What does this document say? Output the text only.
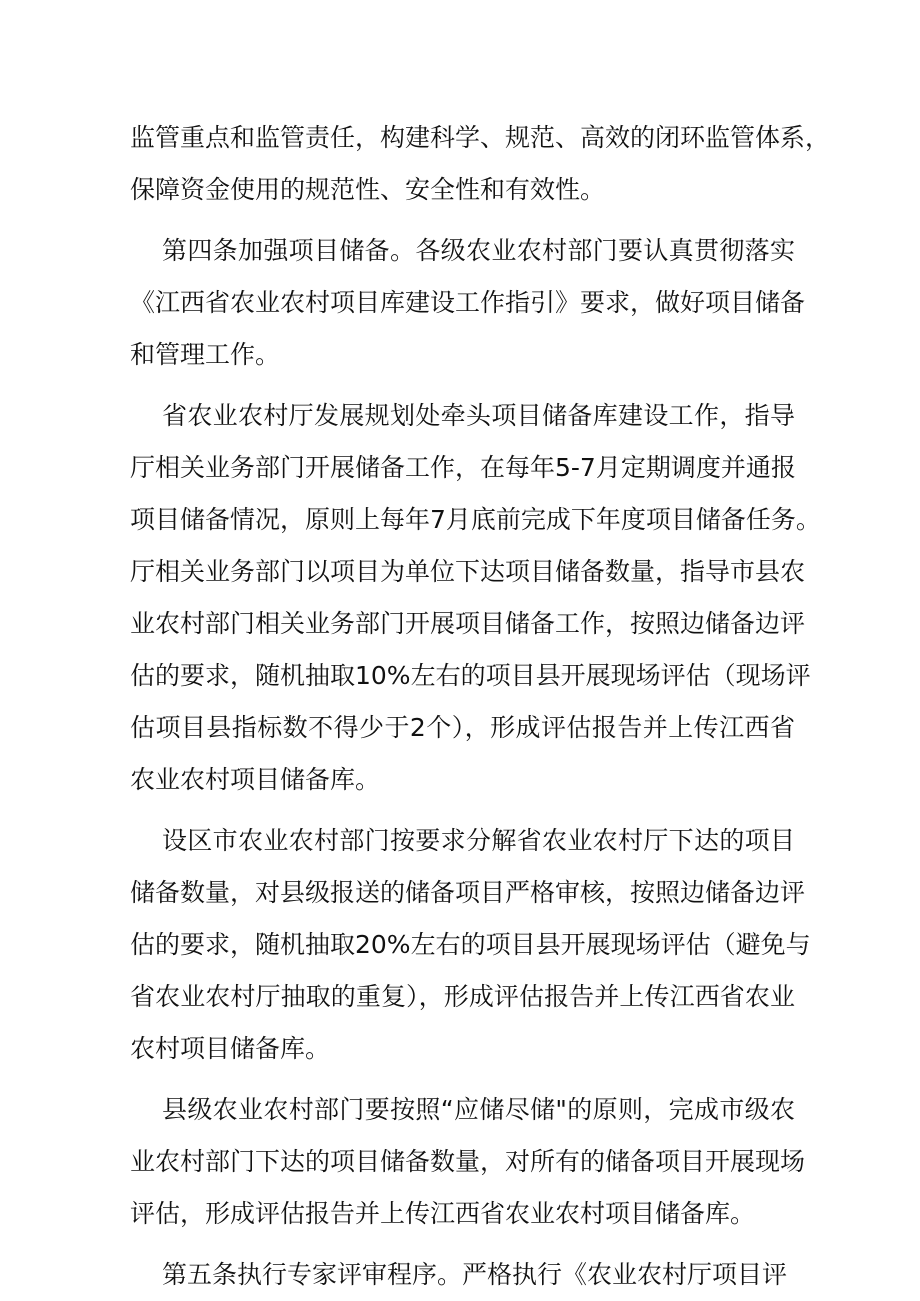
监管重点和监管责任，构建科学、规范、高效的闭环监管体系，
保障资金使用的规范性、安全性和有效性。
第四条加强项目储备。各级农业农村部门要认真贯彻落实
《江西省农业农村项目库建设工作指引》要求，做好项目储备
和管理工作。
省农业农村厅发展规划处牵头项目储备库建设工作，指导
厅相关业务部门开展储备工作，在每年5-7月定期调度并通报
项目储备情况，原则上每年7月底前完成下年度项目储备任务。
厅相关业务部门以项目为单位下达项目储备数量，指导市县农
业农村部门相关业务部门开展项目储备工作，按照边储备边评
估的要求，随机抽取10%左右的项目县开展现场评估（现场评
估项目县指标数不得少于2个），形成评估报告并上传江西省
农业农村项目储备库。
设区市农业农村部门按要求分解省农业农村厅下达的项目
储备数量，对县级报送的储备项目严格审核，按照边储备边评
估的要求，随机抽取20%左右的项目县开展现场评估（避免与
省农业农村厅抽取的重复），形成评估报告并上传江西省农业
农村项目储备库。
县级农业农村部门要按照“应储尽储"的原则，完成市级农
业农村部门下达的项目储备数量，对所有的储备项目开展现场
评估，形成评估报告并上传江西省农业农村项目储备库。
第五条执行专家评审程序。严格执行《农业农村厅项目评
